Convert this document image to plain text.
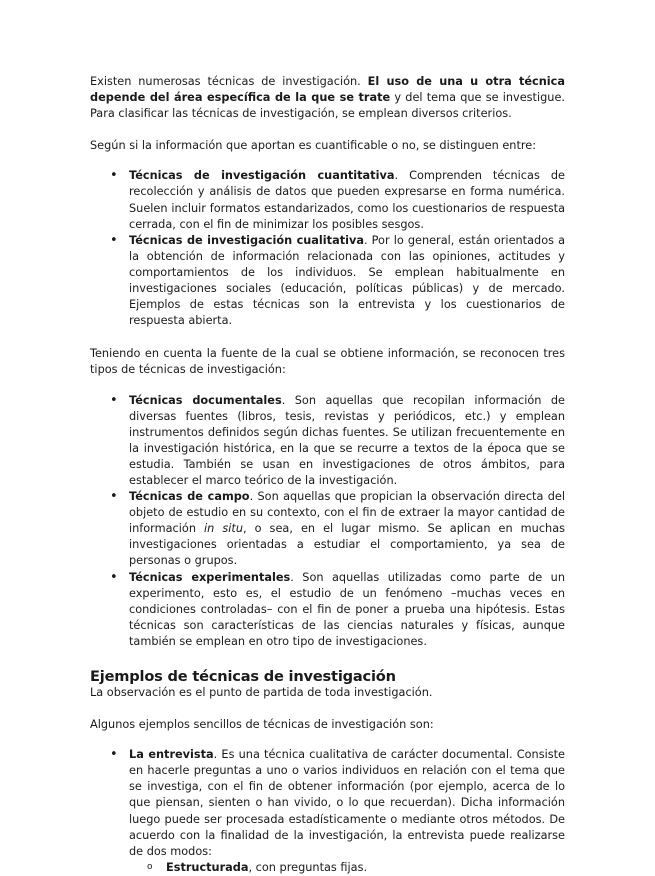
Existen numerosas técnicas de investigación. El uso de una u otra técnica depende del área específica de la que se trate y del tema que se investigue. Para clasificar las técnicas de investigación, se emplean diversos criterios.

Según si la información que aportan es cuantificable o no, se distinguen entre:

• Técnicas de investigación cuantitativa. Comprenden técnicas de recolección y análisis de datos que pueden expresarse en forma numérica. Suelen incluir formatos estandarizados, como los cuestionarios de respuesta cerrada, con el fin de minimizar los posibles sesgos.
• Técnicas de investigación cualitativa. Por lo general, están orientados a la obtención de información relacionada con las opiniones, actitudes y comportamientos de los individuos. Se emplean habitualmente en investigaciones sociales (educación, políticas públicas) y de mercado. Ejemplos de estas técnicas son la entrevista y los cuestionarios de respuesta abierta.

Teniendo en cuenta la fuente de la cual se obtiene información, se reconocen tres tipos de técnicas de investigación:

• Técnicas documentales. Son aquellas que recopilan información de diversas fuentes (libros, tesis, revistas y periódicos, etc.) y emplean instrumentos definidos según dichas fuentes. Se utilizan frecuentemente en la investigación histórica, en la que se recurre a textos de la época que se estudia. También se usan en investigaciones de otros ámbitos, para establecer el marco teórico de la investigación.
• Técnicas de campo. Son aquellas que propician la observación directa del objeto de estudio en su contexto, con el fin de extraer la mayor cantidad de información in situ, o sea, en el lugar mismo. Se aplican en muchas investigaciones orientadas a estudiar el comportamiento, ya sea de personas o grupos.
• Técnicas experimentales. Son aquellas utilizadas como parte de un experimento, esto es, el estudio de un fenómeno –muchas veces en condiciones controladas– con el fin de poner a prueba una hipótesis. Estas técnicas son características de las ciencias naturales y físicas, aunque también se emplean en otro tipo de investigaciones.
Ejemplos de técnicas de investigación

La observación es el punto de partida de toda investigación.

Algunos ejemplos sencillos de técnicas de investigación son:

• La entrevista. Es una técnica cualitativa de carácter documental. Consiste en hacerle preguntas a uno o varios individuos en relación con el tema que se investiga, con el fin de obtener información (por ejemplo, acerca de lo que piensan, sienten o han vivido, o lo que recuerdan). Dicha información luego puede ser procesada estadísticamente o mediante otros métodos. De acuerdo con la finalidad de la investigación, la entrevista puede realizarse de dos modos:
o Estructurada, con preguntas fijas.
